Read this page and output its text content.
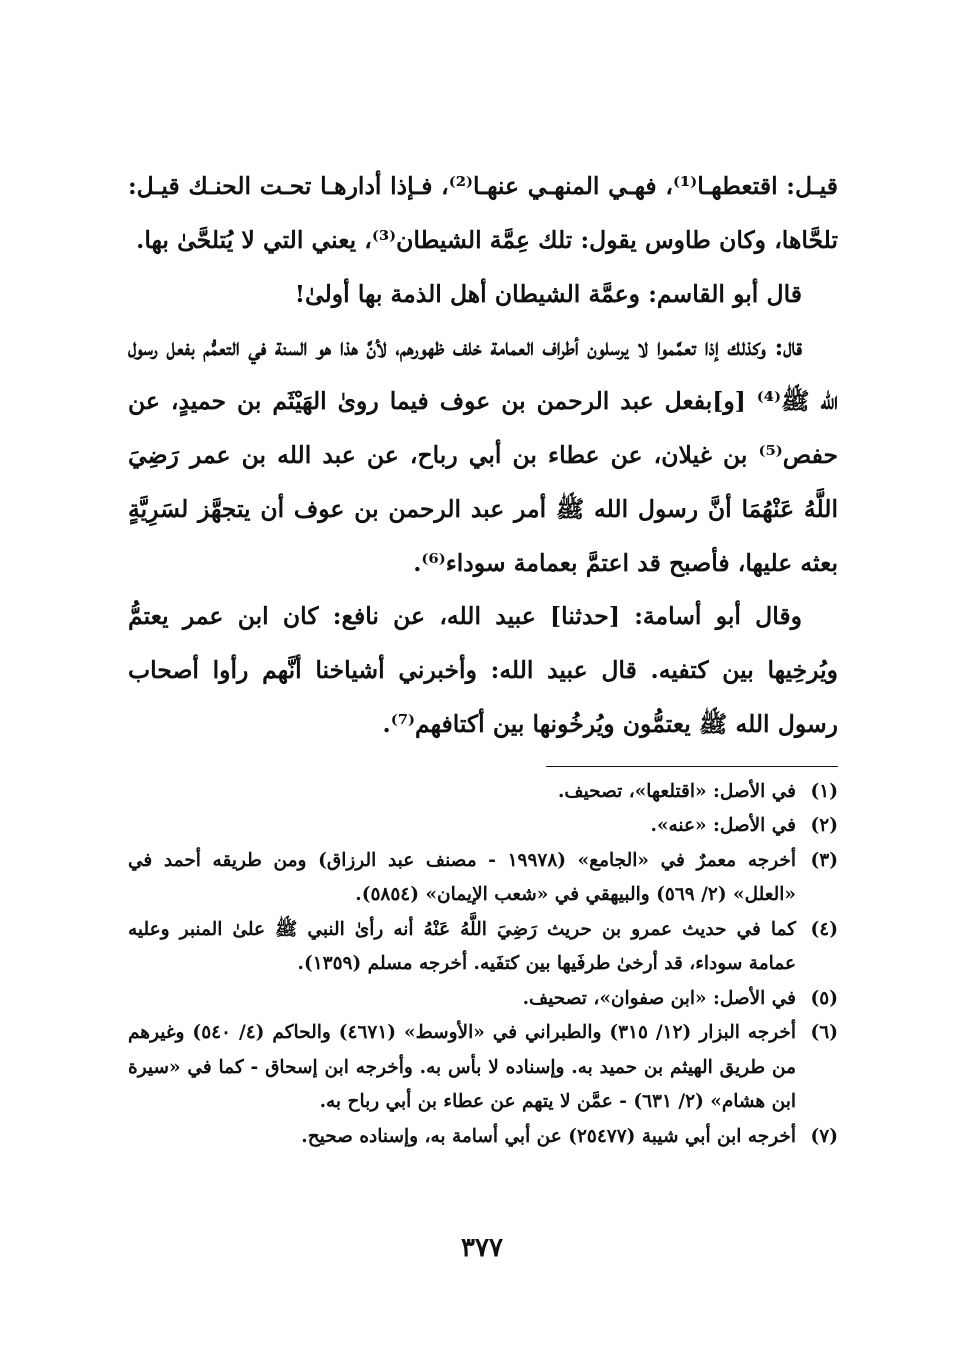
قيـل: اقتعطهـا⁽¹⁾، فهـي المنهـي عنهـا⁽²⁾، فـإذا أدارهـا تحـت الحنـك قيـل: تلحَّاها، وكان طاوس يقول: تلك عِمَّة الشيطان⁽³⁾، يعني التي لا يُتلحَّىٰ بها.

قال أبو القاسم: وعمَّة الشيطان أهل الذمة بها أولىٰ!

قال: وكذلك إذا تعمَّموا لا يرسلون أطراف العمامة خلف ظهورهم، لأنَّ هذا هو السنة في التعمُّم بفعل رسول الله ﷺ⁽⁴⁾ [و]بفعل عبد الرحمن بن عوف فيما روىٰ الهَيْثَم بن حميدٍ، عن حفص⁽⁵⁾ بن غيلان، عن عطاء بن أبي رباح، عن عبد الله بن عمر رَضِيَ اللَّهُ عَنْهُمَا أنَّ رسول الله ﷺ أمر عبد الرحمن بن عوف أن يتجهَّز لسَرِيَّةٍ بعثه عليها، فأصبح قد اعتمَّ بعمامة سوداء⁽⁶⁾.

وقال أبو أسامة: [حدثنا] عبيد الله، عن نافع: كان ابن عمر يعتمُّ ويُرخِيها بين كتفيه. قال عبيد الله: وأخبرني أشياخنا أنَّهم رأوا أصحاب رسول الله ﷺ يعتمُّون ويُرخُونها بين أكتافهم⁽⁷⁾.

(١)
في الأصل: «اقتلعها»، تصحيف.
(٢)
في الأصل: «عنه».
(٣)
أخرجه معمرٌ في «الجامع» (١٩٩٧٨ - مصنف عبد الرزاق) ومن طريقه أحمد في «العلل» (٢/ ٥٦٩) والبيهقي في «شعب الإيمان» (٥٨٥٤).
(٤)
كما في حديث عمرو بن حريث رَضِيَ اللَّهُ عَنْهُ أنه رأىٰ النبي ﷺ علىٰ المنبر وعليه عمامة سوداء، قد أرخىٰ طرفَيها بين كتفَيه. أخرجه مسلم (١٣٥٩).
(٥)
في الأصل: «ابن صفوان»، تصحيف.
(٦)
أخرجه البزار (١٢/ ٣١٥) والطبراني في «الأوسط» (٤٦٧١) والحاكم (٤/ ٥٤٠) وغيرهم من طريق الهيثم بن حميد به. وإسناده لا بأس به. وأخرجه ابن إسحاق - كما في «سيرة ابن هشام» (٢/ ٦٣١) - عمَّن لا يتهم عن عطاء بن أبي رباح به.
(٧)
أخرجه ابن أبي شيبة (٢٥٤٧٧) عن أبي أسامة به، وإسناده صحيح.
٣٧٧
